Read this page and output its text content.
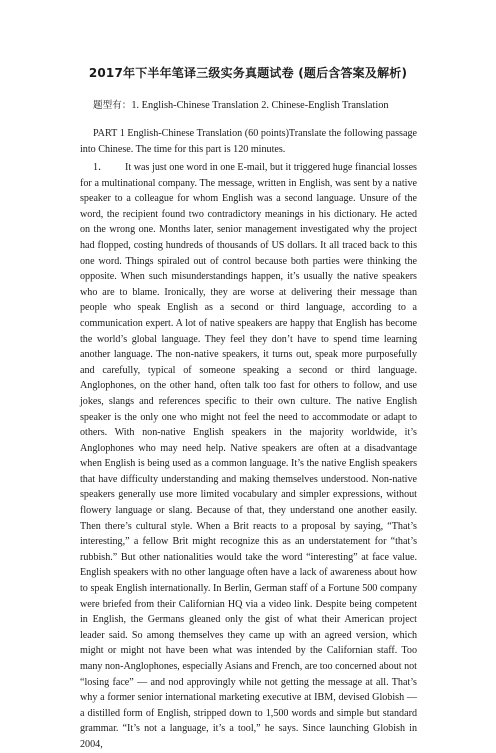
2017年下半年笔译三级实务真题试卷 (题后含答案及解析)
题型有：1. English-Chinese Translation 2. Chinese-English Translation

PART 1 English-Chinese Translation (60 points)Translate the following passage into Chinese. The time for this part is 120 minutes.

1． It was just one word in one E-mail, but it triggered huge financial losses for a multinational company. The message, written in English, was sent by a native speaker to a colleague for whom English was a second language. Unsure of the word, the recipient found two contradictory meanings in his dictionary. He acted on the wrong one. Months later, senior management investigated why the project had flopped, costing hundreds of thousands of US dollars. It all traced back to this one word. Things spiraled out of control because both parties were thinking the opposite. When such misunderstandings happen, it’s usually the native speakers who are to blame. Ironically, they are worse at delivering their message than people who speak English as a second or third language, according to a communication expert. A lot of native speakers are happy that English has become the world’s global language. They feel they don’t have to spend time learning another language. The non-native speakers, it turns out, speak more purposefully and carefully, typical of someone speaking a second or third language. Anglophones, on the other hand, often talk too fast for others to follow, and use jokes, slangs and references specific to their own culture. The native English speaker is the only one who might not feel the need to accommodate or adapt to others. With non-native English speakers in the majority worldwide, it’s Anglophones who may need help. Native speakers are often at a disadvantage when English is being used as a common language. It’s the native English speakers that have difficulty understanding and making themselves understood. Non-native speakers generally use more limited vocabulary and simpler expressions, without flowery language or slang. Because of that, they understand one another easily. Then there’s cultural style. When a Brit reacts to a proposal by saying, “That’s interesting,” a fellow Brit might recognize this as an understatement for “that’s rubbish.” But other nationalities would take the word “interesting” at face value. English speakers with no other language often have a lack of awareness about how to speak English internationally. In Berlin, German staff of a Fortune 500 company were briefed from their Californian HQ via a video link. Despite being competent in English, the Germans gleaned only the gist of what their American project leader said. So among themselves they came up with an agreed version, which might or might not have been what was intended by the Californian staff. Too many non-Anglophones, especially Asians and French, are too concerned about not “losing face” — and nod approvingly while not getting the message at all. That’s why a former senior international marketing executive at IBM, devised Globish — a distilled form of English, stripped down to 1,500 words and simple but standard grammar. “It’s not a language, it’s a tool,” he says. Since launching Globish in 2004,
